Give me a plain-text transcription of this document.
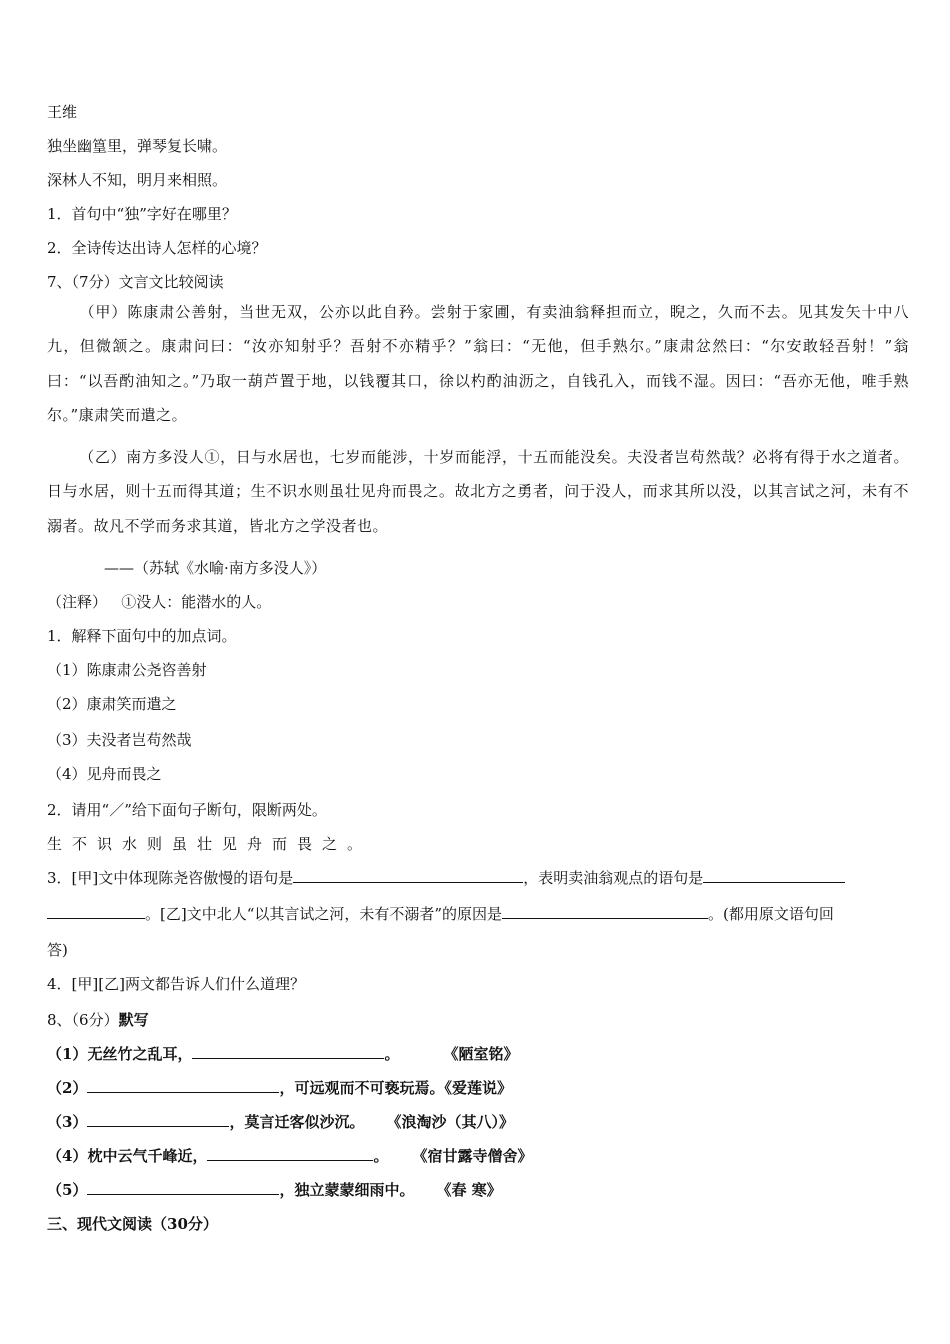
王维
独坐幽篁里，弹琴复长啸。
深林人不知，明月来相照。
1．首句中“独”字好在哪里？
2．全诗传达出诗人怎样的心境？
7、（7分）文言文比较阅读
（甲）陈康肃公善射，当世无双，公亦以此自矜。尝射于家圃，有卖油翁释担而立，睨之，久而不去。见其发矢十中八九，但微颔之。康肃问曰：“汝亦知射乎？吾射不亦精乎？”翁曰：“无他，但手熟尔。”康肃忿然曰：“尔安敢轻吾射！”翁曰：“以吾酌油知之。”乃取一葫芦置于地，以钱覆其口，徐以杓酌油沥之，自钱孔入，而钱不湿。因曰：“吾亦无他，唯手熟尔。”康肃笑而遣之。
（乙）南方多没人①，日与水居也，七岁而能涉，十岁而能浮，十五而能没矣。夫没者岂苟然哉？必将有得于水之道者。日与水居，则十五而得其道；生不识水则虽壮见舟而畏之。故北方之勇者，问于没人，而求其所以没，以其言试之河，未有不溺者。故凡不学而务求其道，皆北方之学没者也。
——（苏轼《水喻·南方多没人》）
（注释）   ①没人：能潜水的人。
1．解释下面句中的加点词。
（1）陈康肃公尧咨善射
（2）康肃笑而遣之
（3）夫没者岂苟然哉
（4）见舟而畏之
2．请用“／”给下面句子断句，限断两处。
生不识水则虽壮见舟而畏之。
3．[甲]文中体现陈尧咨傲慢的语句是	，表明卖油翁观点的语句是
。[乙]文中北人“以其言试之河，未有不溺者”的原因是	。(都用原文语句回
答)
4．[甲][乙]两文都告诉人们什么道理？
8、（6分）默写
（1）无丝竹之乱耳，	。	《陋室铭》
（2）	，可远观而不可亵玩焉。《爱莲说》
（3）	，莫言迁客似沙沉。 《浪淘沙（其八）》
（4）枕中云气千峰近，	。 《宿甘露寺僧舍》
（5）	，独立蒙蒙细雨中。 《春 寒》
三、现代文阅读（30分）
